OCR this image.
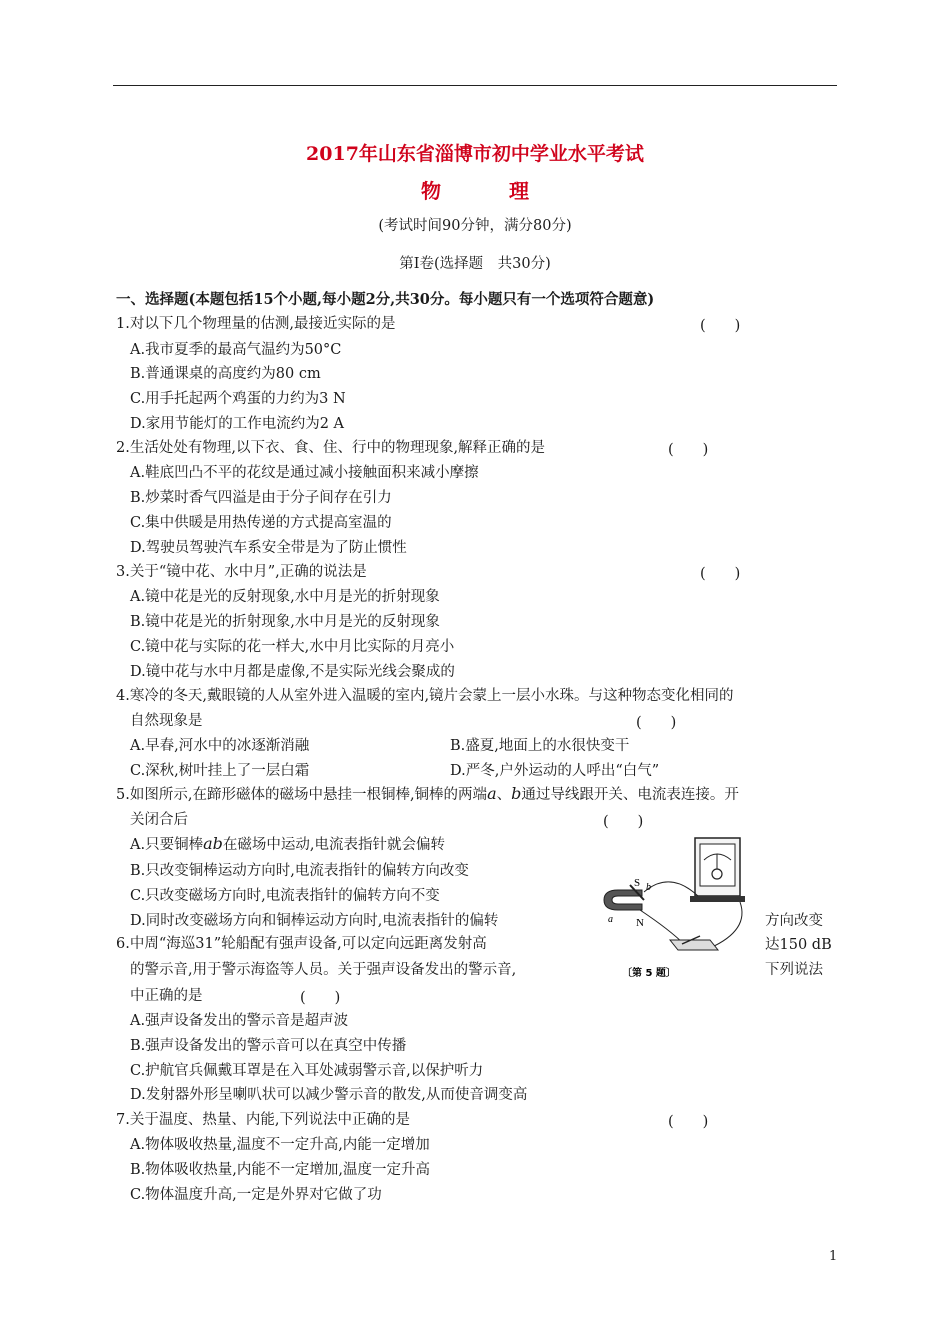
2017年山东省淄博市初中学业水平考试
物　理
(考试时间90分钟，满分80分)
第Ⅰ卷(选择题　共30分)
一、选择题(本题包括15个小题,每小题2分,共30分。每小题只有一个选项符合题意)
1.对以下几个物理量的估测,最接近实际的是	(　　)
A.我市夏季的最高气温约为50°C
B.普通课桌的高度约为80 cm
C.用手托起两个鸡蛋的力约为3 N
D.家用节能灯的工作电流约为2 A
2.生活处处有物理,以下衣、食、住、行中的物理现象,解释正确的是	(　　)
A.鞋底凹凸不平的花纹是通过减小接触面积来减小摩擦
B.炒菜时香气四溢是由于分子间存在引力
C.集中供暖是用热传递的方式提高室温的
D.驾驶员驾驶汽车系安全带是为了防止惯性
3.关于“镜中花、水中月”,正确的说法是	(　　)
A.镜中花是光的反射现象,水中月是光的折射现象
B.镜中花是光的折射现象,水中月是光的反射现象
C.镜中花与实际的花一样大,水中月比实际的月亮小
D.镜中花与水中月都是虚像,不是实际光线会聚成的
4.寒冷的冬天,戴眼镜的人从室外进入温暖的室内,镜片会蒙上一层小水珠。与这种物态变化相同的
自然现象是	(　　)
A.早春,河水中的冰逐渐消融	B.盛夏,地面上的水很快变干
C.深秋,树叶挂上了一层白霜	D.严冬,户外运动的人呼出“白气”
5.如图所示,在蹄形磁体的磁场中悬挂一根铜棒,铜棒的两端a、b通过导线跟开关、电流表连接。开
关闭合后	(　　)
A.只要铜棒ab在磁场中运动,电流表指针就会偏转
B.只改变铜棒运动方向时,电流表指针的偏转方向改变
C.只改变磁场方向时,电流表指针的偏转方向不变
D.同时改变磁场方向和铜棒运动方向时,电流表指针的偏转	方向改变
S b
a N
〔第 5 题〕
6.中周“海巡31”轮船配有强声设备,可以定向远距离发射高	达150 dB
的警示音,用于警示海盗等人员。关于强声设备发出的警示音,	下列说法
中正确的是	(　　)
A.强声设备发出的警示音是超声波
B.强声设备发出的警示音可以在真空中传播
C.护航官兵佩戴耳罩是在入耳处减弱警示音,以保护听力
D.发射器外形呈喇叭状可以减少警示音的散发,从而使音调变高
7.关于温度、热量、内能,下列说法中正确的是	(　　)
A.物体吸收热量,温度不一定升高,内能一定增加
B.物体吸收热量,内能不一定增加,温度一定升高
C.物体温度升高,一定是外界对它做了功
1
